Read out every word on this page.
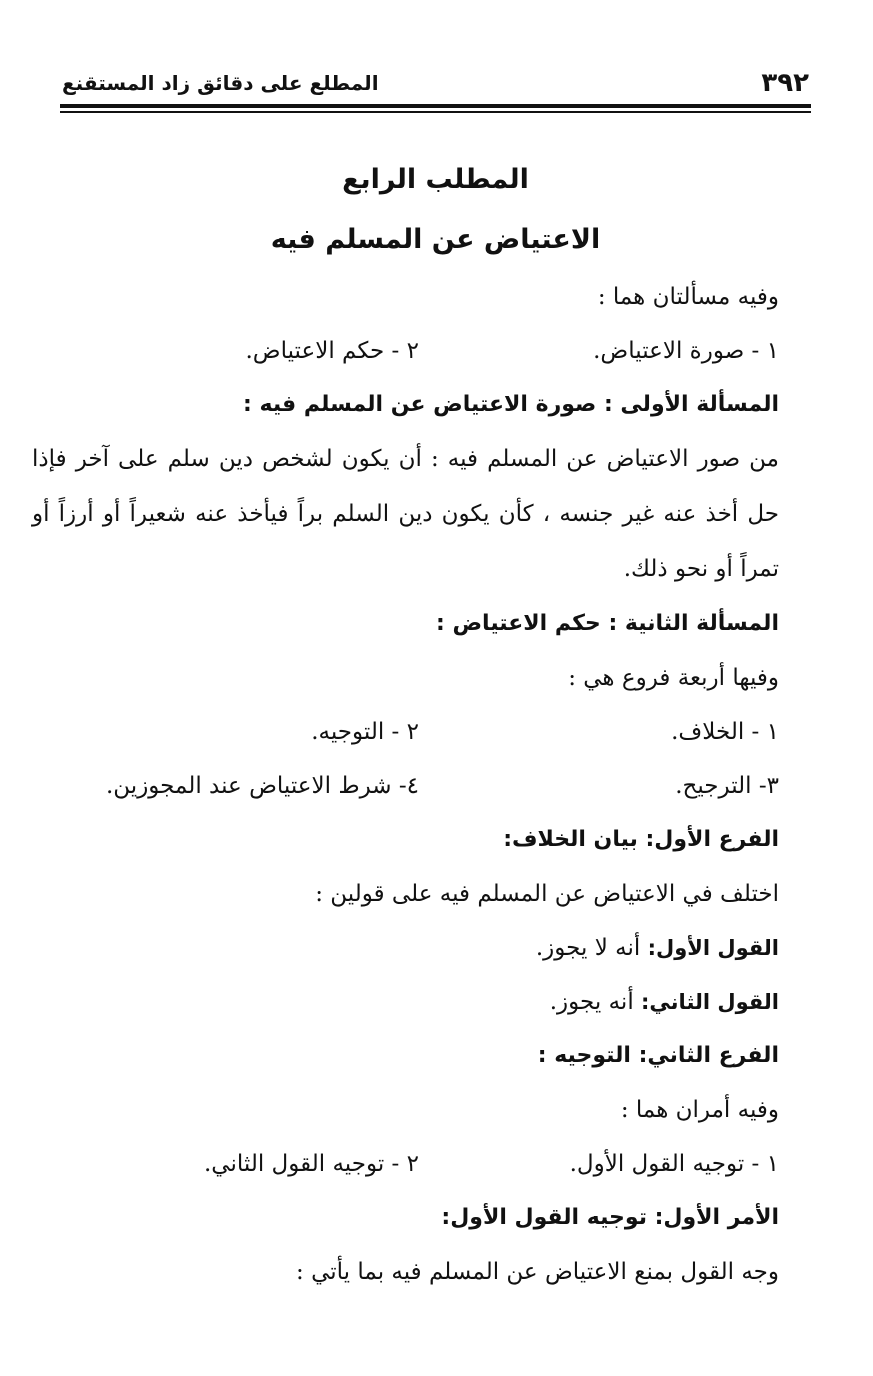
٣٩٢
المطلع على دقائق زاد المستقنع
المطلب الرابع
الاعتياض عن المسلم فيه
وفيه مسألتان هما :
١ - صورة الاعتياض.
٢ - حكم الاعتياض.
المسألة الأولى : صورة الاعتياض عن المسلم فيه :
من صور الاعتياض عن المسلم فيه : أن يكون لشخص دين سلم على آخر فإذا حل أخذ عنه غير جنسه ، كأن يكون دين السلم براً فيأخذ عنه شعيراً أو أرزاً أو تمراً أو نحو ذلك.
المسألة الثانية : حكم الاعتياض :
وفيها أربعة فروع هي :
١ - الخلاف.
٢ - التوجيه.
٣- الترجيح.
٤- شرط الاعتياض عند المجوزين.
الفرع الأول: بيان الخلاف:
اختلف في الاعتياض عن المسلم فيه على قولين :
القول الأول: أنه لا يجوز.
القول الثاني: أنه يجوز.
الفرع الثاني: التوجيه :
وفيه أمران هما :
١ - توجيه القول الأول.
٢ - توجيه القول الثاني.
الأمر الأول: توجيه القول الأول:
وجه القول بمنع الاعتياض عن المسلم فيه بما يأتي :
